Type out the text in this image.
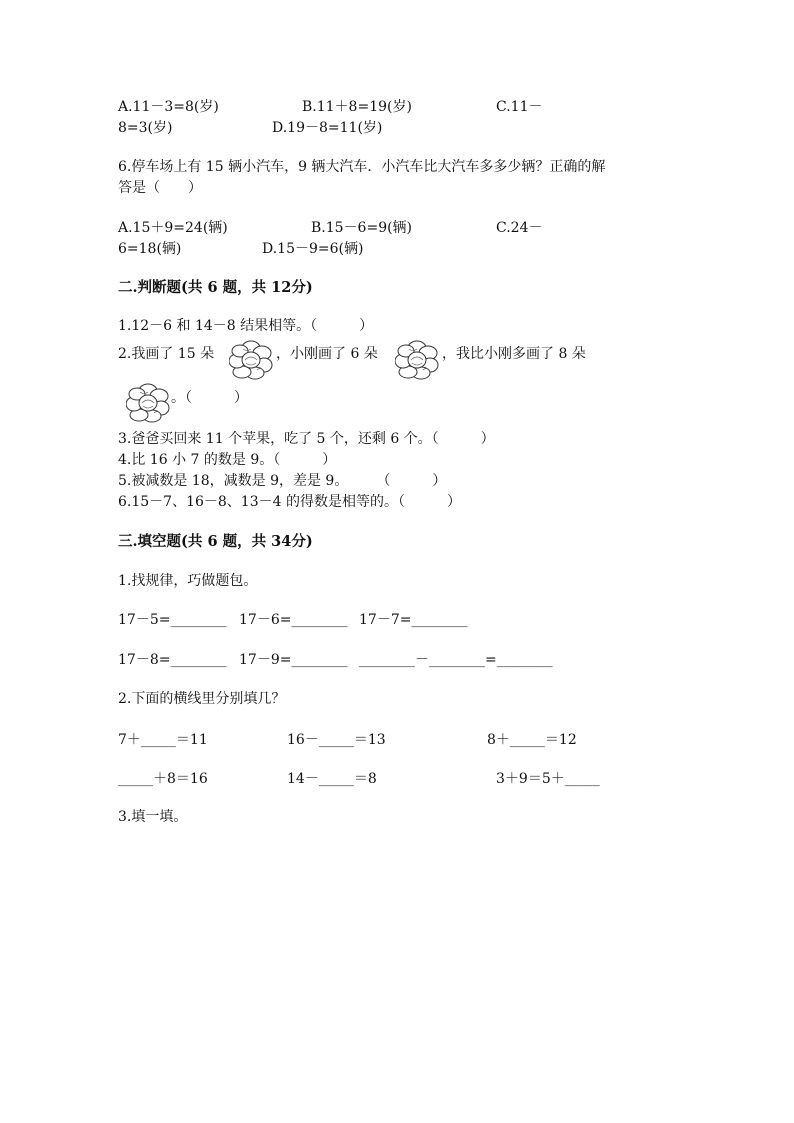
A.11－3=8(岁)	B.11＋8=19(岁)	C.11－
8=3(岁)	D.19－8=11(岁)
6.停车场上有 15 辆小汽车，9 辆大汽车．小汽车比大汽车多多少辆？正确的解
答是（　　）
A.15＋9=24(辆)	B.15－6=9(辆)	C.24－
6=18(辆)	D.15－9=6(辆)
二.判断题(共 6 题，共 12分)
1.12－6 和 14－8 结果相等。（　　　）
2.我画了 15 朵	，小刚画了 6 朵	，我比小刚多画了 8 朵
。（　　　）
3.爸爸买回来 11 个苹果，吃了 5 个，还剩 6 个。（　　　）
4.比 16 小 7 的数是 9。（　　　）
5.被减数是 18，减数是 9，差是 9。　　　（　　　）
6.15－7、16－8、13－4 的得数是相等的。（　　　）
三.填空题(共 6 题，共 34分)
1.找规律，巧做题包。
17－5=________ 17－6=________ 17－7=________
17－8=________ 17－9=________ ________－________=________
2.下面的横线里分别填几？
7＋_____＝11	16－_____＝13	8＋_____＝12
_____＋8＝16	14－_____＝8	3＋9＝5＋_____
3.填一填。
